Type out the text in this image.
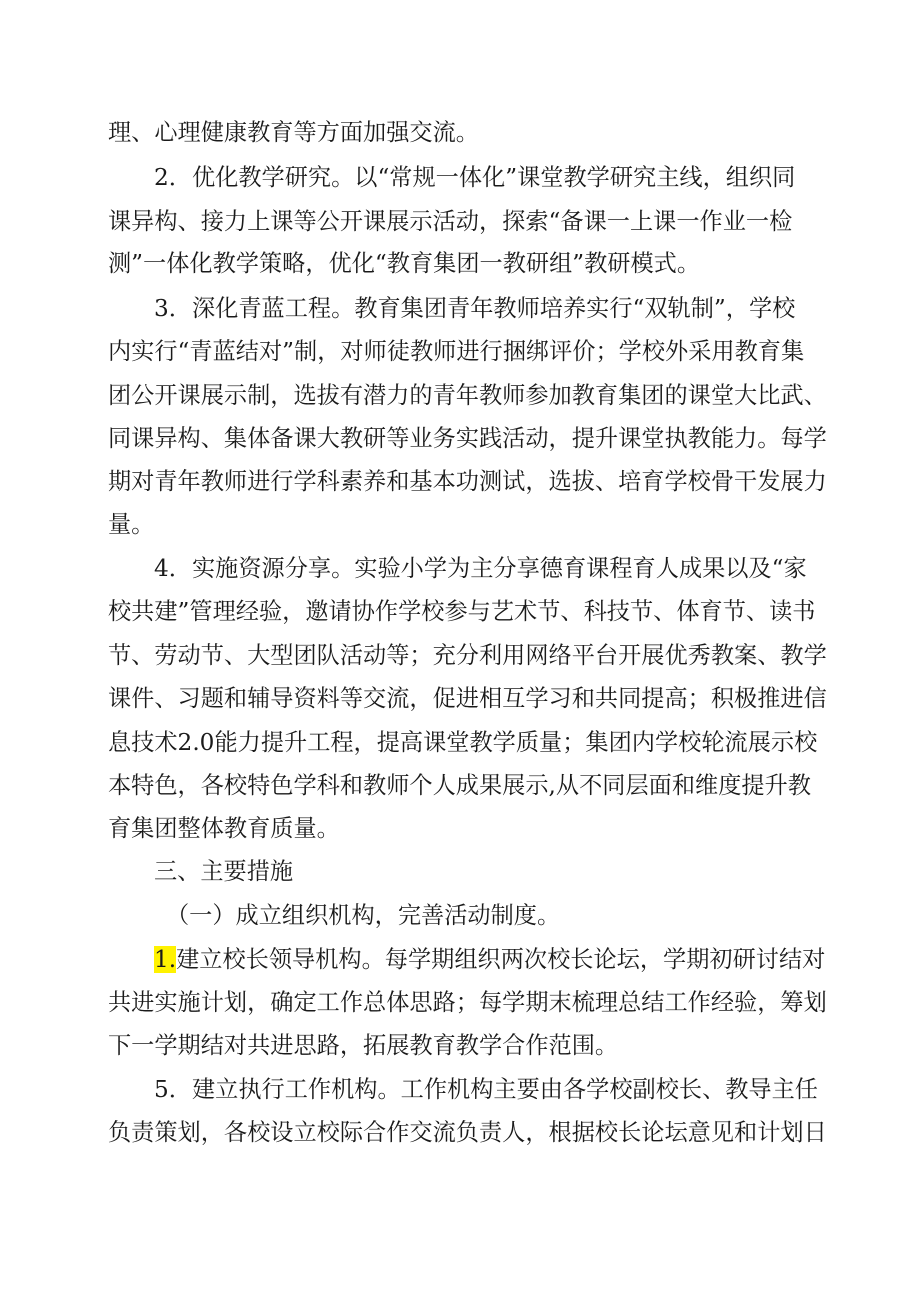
理、心理健康教育等方面加强交流。
2．优化教学研究。以“常规一体化”课堂教学研究主线，组织同
课异构、接力上课等公开课展示活动，探索“备课一上课一作业一检
测”一体化教学策略，优化“教育集团一教研组”教研模式。
3．深化青蓝工程。教育集团青年教师培养实行“双轨制”，学校
内实行“青蓝结对”制，对师徒教师进行捆绑评价；学校外采用教育集
团公开课展示制，选拔有潜力的青年教师参加教育集团的课堂大比武、
同课异构、集体备课大教研等业务实践活动，提升课堂执教能力。每学
期对青年教师进行学科素养和基本功测试，选拔、培育学校骨干发展力
量。
4．实施资源分享。实验小学为主分享德育课程育人成果以及“家
校共建”管理经验，邀请协作学校参与艺术节、科技节、体育节、读书
节、劳动节、大型团队活动等；充分利用网络平台开展优秀教案、教学
课件、习题和辅导资料等交流，促进相互学习和共同提高；积极推进信
息技术2.0能力提升工程，提高课堂教学质量；集团内学校轮流展示校
本特色，各校特色学科和教师个人成果展示,从不同层面和维度提升教
育集团整体教育质量。
三、主要措施
（一）成立组织机构，完善活动制度。
1.建立校长领导机构。每学期组织两次校长论坛，学期初研讨结对
共进实施计划，确定工作总体思路；每学期末梳理总结工作经验，筹划
下一学期结对共进思路，拓展教育教学合作范围。
5．建立执行工作机构。工作机构主要由各学校副校长、教导主任
负责策划，各校设立校际合作交流负责人，根据校长论坛意见和计划日
